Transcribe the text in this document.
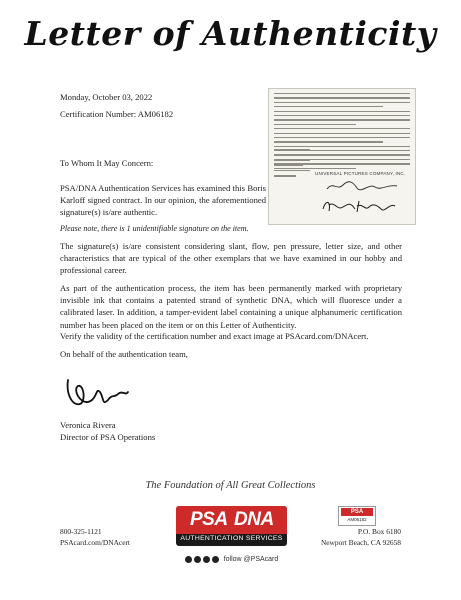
Letter of Authenticity
Monday, October 03, 2022
Certification Number: AM06182
UNIVERSAL PICTURES COMPANY, INC.
To Whom It May Concern:
PSA/DNA Authentication Services has examined this Boris Karloff signed contract. In our opinion, the aforementioned signature(s) is/are authentic.
Please note, there is 1 unidentifiable signature on the item.
The signature(s) is/are consistent considering slant, flow, pen pressure, letter size, and other characteristics that are typical of the other exemplars that we have examined in our hobby and professional career.
As part of the authentication process, the item has been permanently marked with proprietary invisible ink that contains a patented strand of synthetic DNA, which will fluoresce under a calibrated laser. In addition, a tamper-evident label containing a unique alphanumeric certification number has been placed on the item or on this Letter of Authenticity.
Verify the validity of the certification number and exact image at PSAcard.com/DNAcert.
On behalf of the authentication team,
Veronica Rivera
Director of PSA Operations
The Foundation of All Great Collections
800-325-1121
PSAcard.com/DNAcert
PSA DNA
AUTHENTICATION SERVICES
follow @PSAcard
PSA
AM06182
P.O. Box 6180
Newport Beach, CA 92658
